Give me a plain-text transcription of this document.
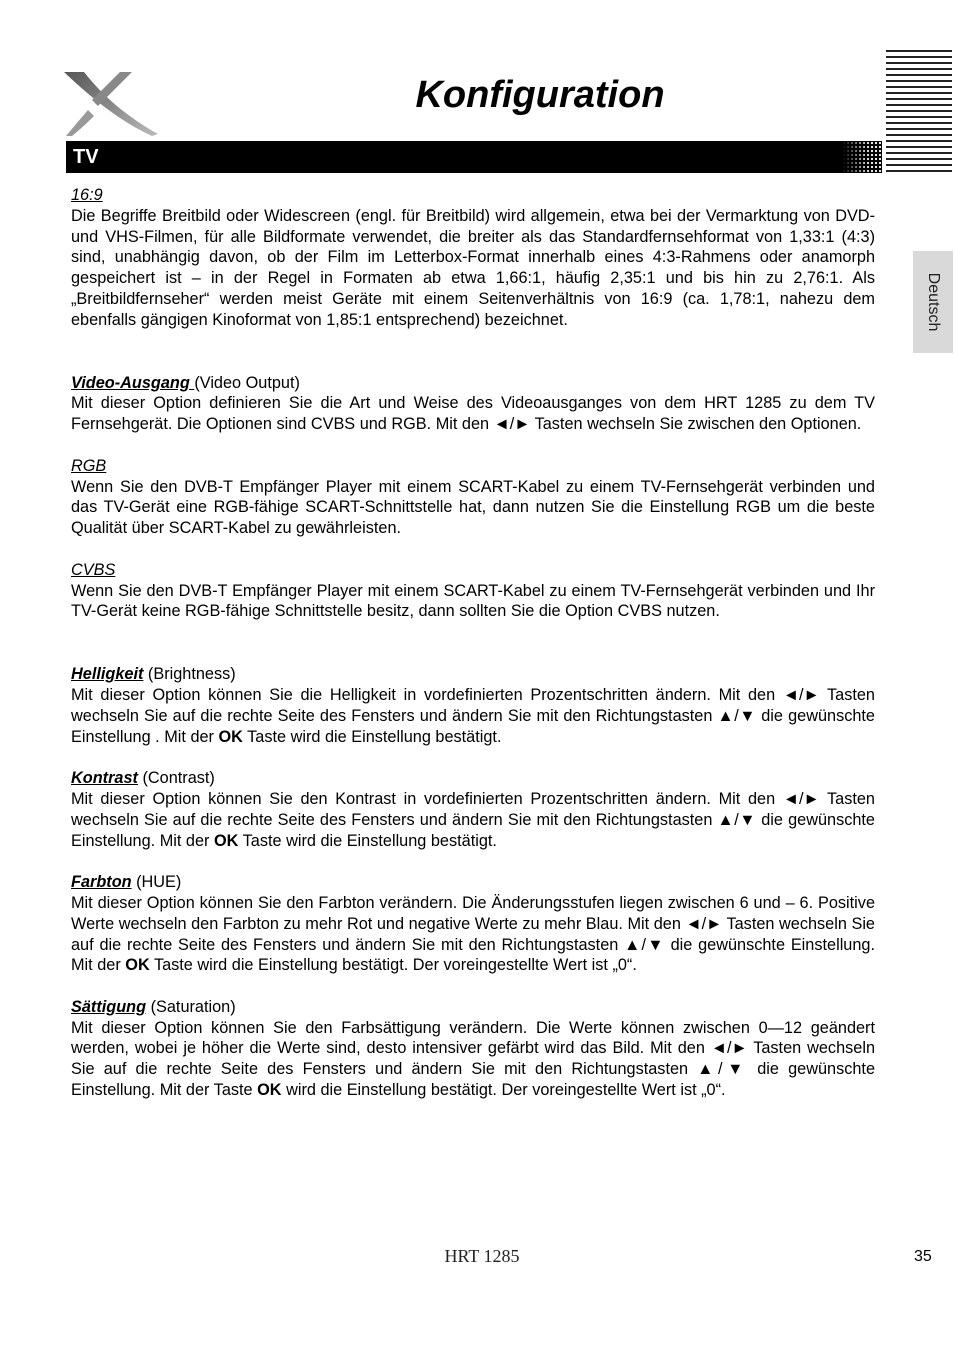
Konfiguration
TV
Deutsch
16:9

Die Begriffe Breitbild oder Widescreen (engl. für Breitbild) wird allgemein, etwa bei der Vermarktung von DVD- und VHS-Filmen, für alle Bildformate verwendet, die breiter als das Standardfernsehformat von 1,33:1 (4:3) sind, unabhängig davon, ob der Film im Letterbox-Format innerhalb eines 4:3-Rahmens oder anamorph gespeichert ist – in der Regel in Formaten ab etwa 1,66:1, häufig 2,35:1 und bis hin zu 2,76:1. Als „Breitbildfernseher“ werden meist Geräte mit einem Seitenverhältnis von 16:9 (ca. 1,78:1, nahezu dem ebenfalls gängigen Kinoformat von 1,85:1 entsprechend) bezeichnet.

Video-Ausgang (Video Output)

Mit dieser Option definieren Sie die Art und Weise des Videoausganges von dem HRT 1285 zu dem TV Fernsehgerät. Die Optionen sind CVBS und RGB. Mit den ◄/► Tasten wechseln Sie zwischen den Optionen.

RGB

Wenn Sie den DVB-T Empfänger Player mit einem SCART-Kabel zu einem TV-Fernsehgerät verbinden und das TV-Gerät eine RGB-fähige SCART-Schnittstelle hat, dann nutzen Sie die Einstellung RGB um die beste Qualität über SCART-Kabel zu gewährleisten.

CVBS

Wenn Sie den DVB-T Empfänger Player mit einem SCART-Kabel zu einem TV-Fernsehgerät verbinden und Ihr TV-Gerät keine RGB-fähige Schnittstelle besitz, dann sollten Sie die Option CVBS nutzen.

Helligkeit (Brightness)

Mit dieser Option können Sie die Helligkeit in vordefinierten Prozentschritten ändern. Mit den ◄/► Tasten wechseln Sie auf die rechte Seite des Fensters und ändern Sie mit den Richtungstasten ▲/▼ die gewünschte Einstellung . Mit der OK Taste wird die Einstellung bestätigt.

Kontrast (Contrast)

Mit dieser Option können Sie den Kontrast in vordefinierten Prozentschritten ändern. Mit den ◄/► Tasten wechseln Sie auf die rechte Seite des Fensters und ändern Sie mit den Richtungstasten ▲/▼ die gewünschte Einstellung. Mit der OK Taste wird die Einstellung bestätigt.

Farbton (HUE)

Mit dieser Option können Sie den Farbton verändern. Die Änderungsstufen liegen zwischen 6 und – 6. Positive Werte wechseln den Farbton zu mehr Rot und negative Werte zu mehr Blau. Mit den ◄/► Tasten wechseln Sie auf die rechte Seite des Fensters und ändern Sie mit den Richtungstasten ▲/▼ die gewünschte Einstellung. Mit der OK Taste wird die Einstellung bestätigt. Der voreingestellte Wert ist „0“.

Sättigung (Saturation)

Mit dieser Option können Sie den Farbsättigung verändern. Die Werte können zwischen 0—12 geändert werden, wobei je höher die Werte sind, desto intensiver gefärbt wird das Bild. Mit den ◄/► Tasten wechseln Sie auf die rechte Seite des Fensters und ändern Sie mit den Richtungstasten ▲/▼ die gewünschte Einstellung. Mit der Taste OK wird die Einstellung bestätigt. Der voreingestellte Wert ist „0“.

HRT 1285	35
